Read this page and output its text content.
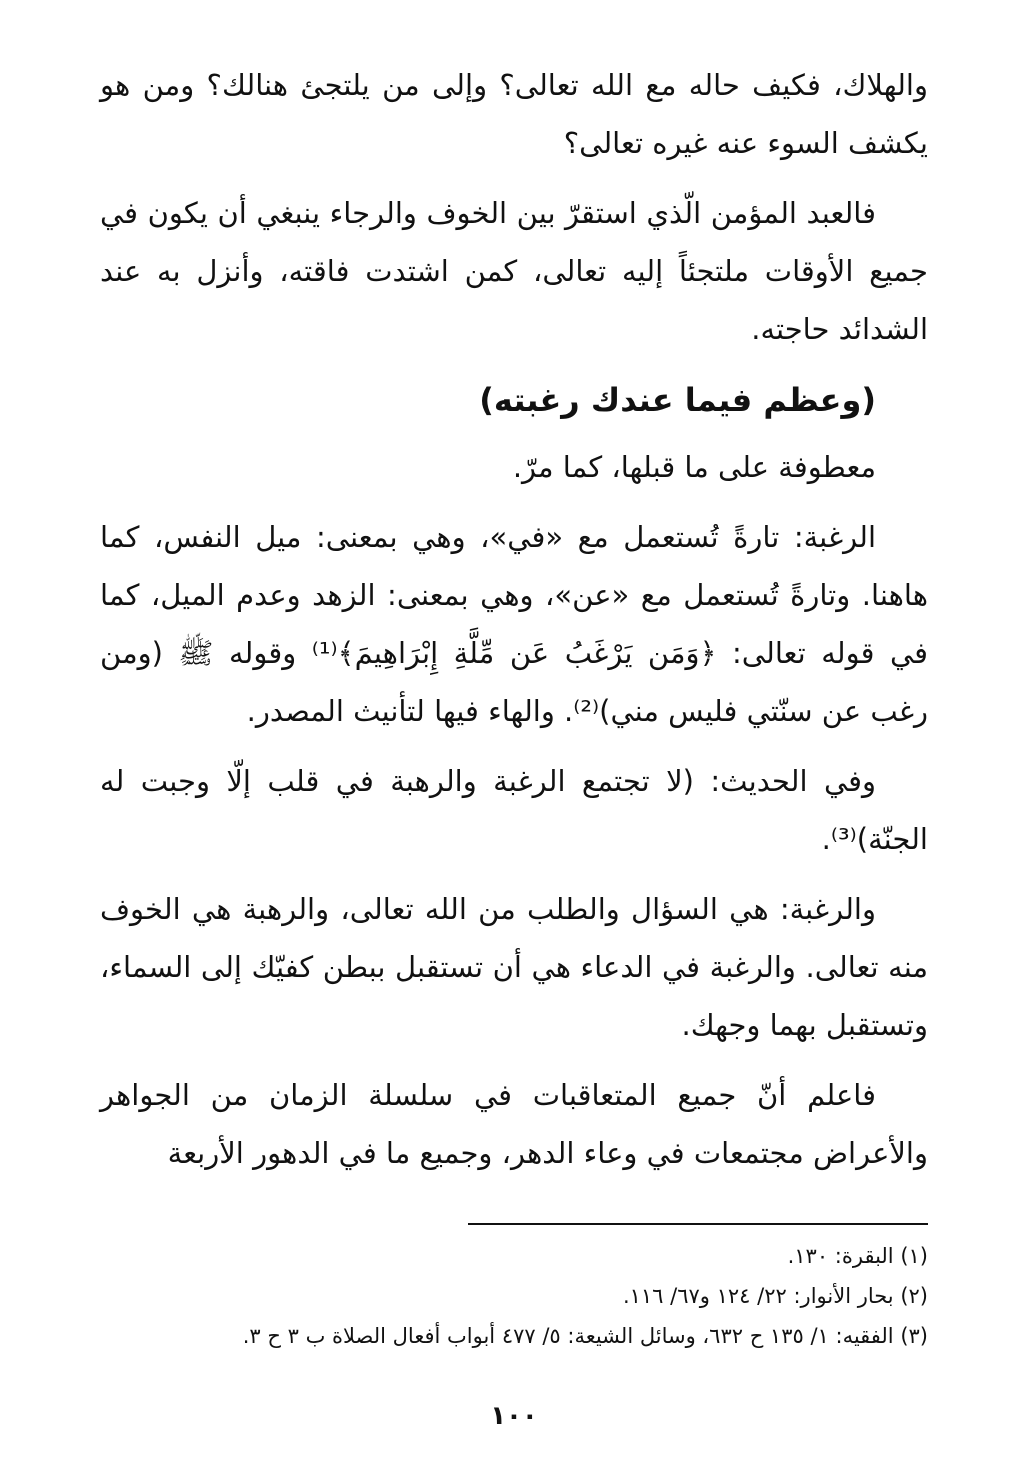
والهلاك، فكيف حاله مع الله تعالى؟ وإلى من يلتجئ هنالك؟ ومن هو يكشف السوء عنه غيره تعالى؟

فالعبد المؤمن الّذي استقرّ بين الخوف والرجاء ينبغي أن يكون في جميع الأوقات ملتجئاً إليه تعالى، كمن اشتدت فاقته، وأنزل به عند الشدائد حاجته.

(وعظم فيما عندك رغبته)

معطوفة على ما قبلها، كما مرّ.

الرغبة: تارةً تُستعمل مع «في»، وهي بمعنى: ميل النفس، كما هاهنا. وتارةً تُستعمل مع «عن»، وهي بمعنى: الزهد وعدم الميل، كما في قوله تعالى: ﴿وَمَن يَرْغَبُ عَن مِّلَّةِ إِبْرَاهِيمَ﴾⁽¹⁾ وقوله ﷺ (ومن رغب عن سنّتي فليس مني)⁽²⁾. والهاء فيها لتأنيث المصدر.

وفي الحديث: (لا تجتمع الرغبة والرهبة في قلب إلّا وجبت له الجنّة)⁽³⁾.

والرغبة: هي السؤال والطلب من الله تعالى، والرهبة هي الخوف منه تعالى. والرغبة في الدعاء هي أن تستقبل ببطن كفيّك إلى السماء، وتستقبل بهما وجهك.

فاعلم أنّ جميع المتعاقبات في سلسلة الزمان من الجواهر والأعراض مجتمعات في وعاء الدهر، وجميع ما في الدهور الأربعة

(١) البقرة: ١٣٠.

(٢) بحار الأنوار: ٢٢/ ١٢٤ و٦٧/ ١١٦.

(٣) الفقيه: ١/ ١٣٥ ح ٦٣٢، وسائل الشيعة: ٥/ ٤٧٧ أبواب أفعال الصلاة ب ٣ ح ٣.

١٠٠
